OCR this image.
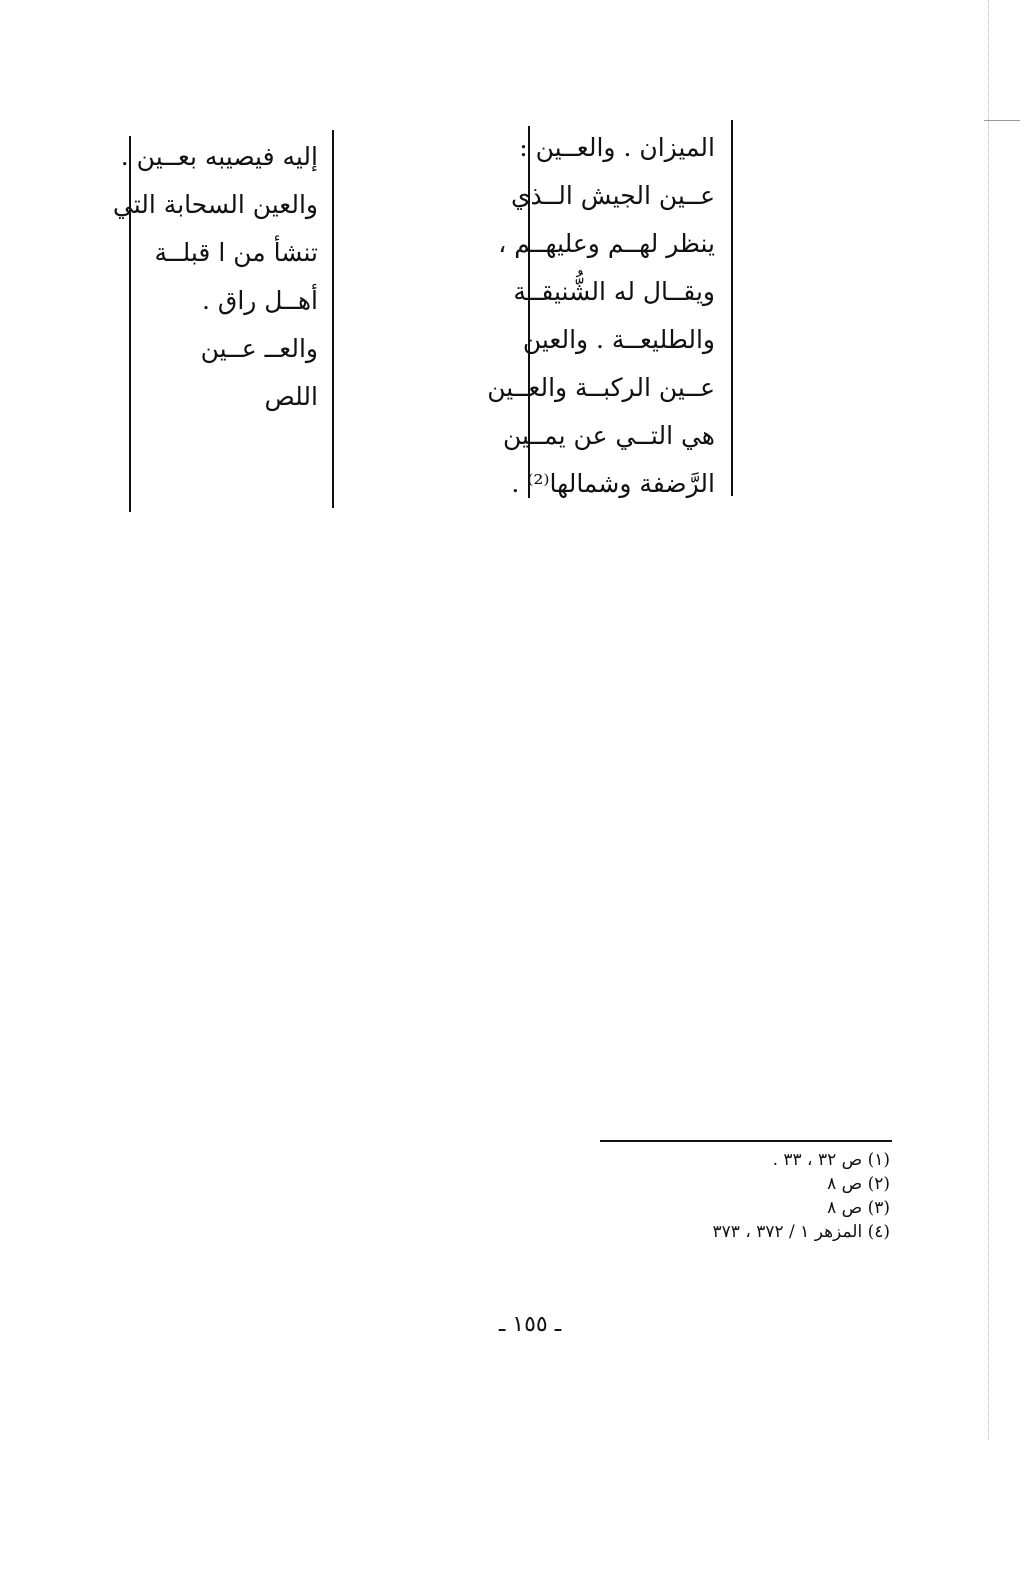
الميزان . والعــين :
عــين الجيش الــذي
ينظر لهــم وعليهــم ،
ويقــال له الشُّنيقــة
والطليعــة . والعين
عــين الركبــة والعــين
هي التــي عن يمــين
الرَّضفة وشمالها⁽²⁾ .
إليه فيصيبه بعــين .
والعين السحابة التي
تنشأ من ا قبلــة
أهــل راق .
والعــ عــين
اللص
(١) ص ٣٢ ، ٣٣ .
(٢) ص ٨
(٣) ص ٨
(٤) المزهر ١ / ٣٧٢ ، ٣٧٣
ـ ١٥٥ ـ
